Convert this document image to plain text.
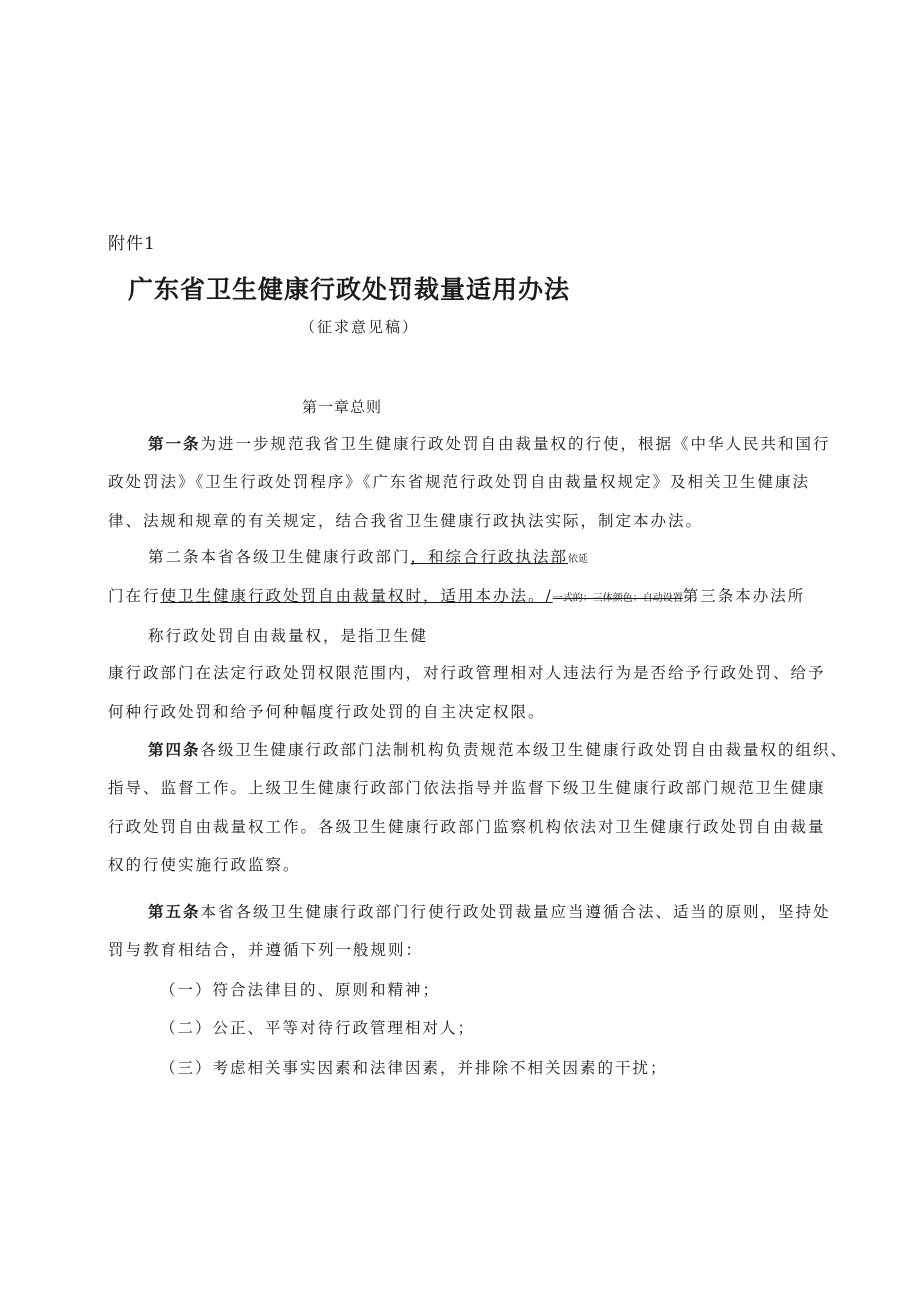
附件1
广东省卫生健康行政处罚裁量适用办法
（征求意见稿）
第一章总则
第一条为进一步规范我省卫生健康行政处罚自由裁量权的行使，根据《中华人民共和国行
政处罚法》《卫生行政处罚程序》《广东省规范行政处罚自由裁量权规定》及相关卫生健康法
律、法规和规章的有关规定，结合我省卫生健康行政执法实际，制定本办法。
第二条本省各级卫生健康行政部门，和综合行政执法部依延
门在行使卫生健康行政处罚自由裁量权时，适用本办法。/一式的：三体颜色：自动设置第三条本办法所
称行政处罚自由裁量权，是指卫生健
康行政部门在法定行政处罚权限范围内，对行政管理相对人违法行为是否给予行政处罚、给予
何种行政处罚和给予何种幅度行政处罚的自主决定权限。
第四条各级卫生健康行政部门法制机构负责规范本级卫生健康行政处罚自由裁量权的组织、
指导、监督工作。上级卫生健康行政部门依法指导并监督下级卫生健康行政部门规范卫生健康
行政处罚自由裁量权工作。各级卫生健康行政部门监察机构依法对卫生健康行政处罚自由裁量
权的行使实施行政监察。
第五条本省各级卫生健康行政部门行使行政处罚裁量应当遵循合法、适当的原则，坚持处
罚与教育相结合，并遵循下列一般规则：
（一）符合法律目的、原则和精神；
（二）公正、平等对待行政管理相对人；
（三）考虑相关事实因素和法律因素，并排除不相关因素的干扰；
